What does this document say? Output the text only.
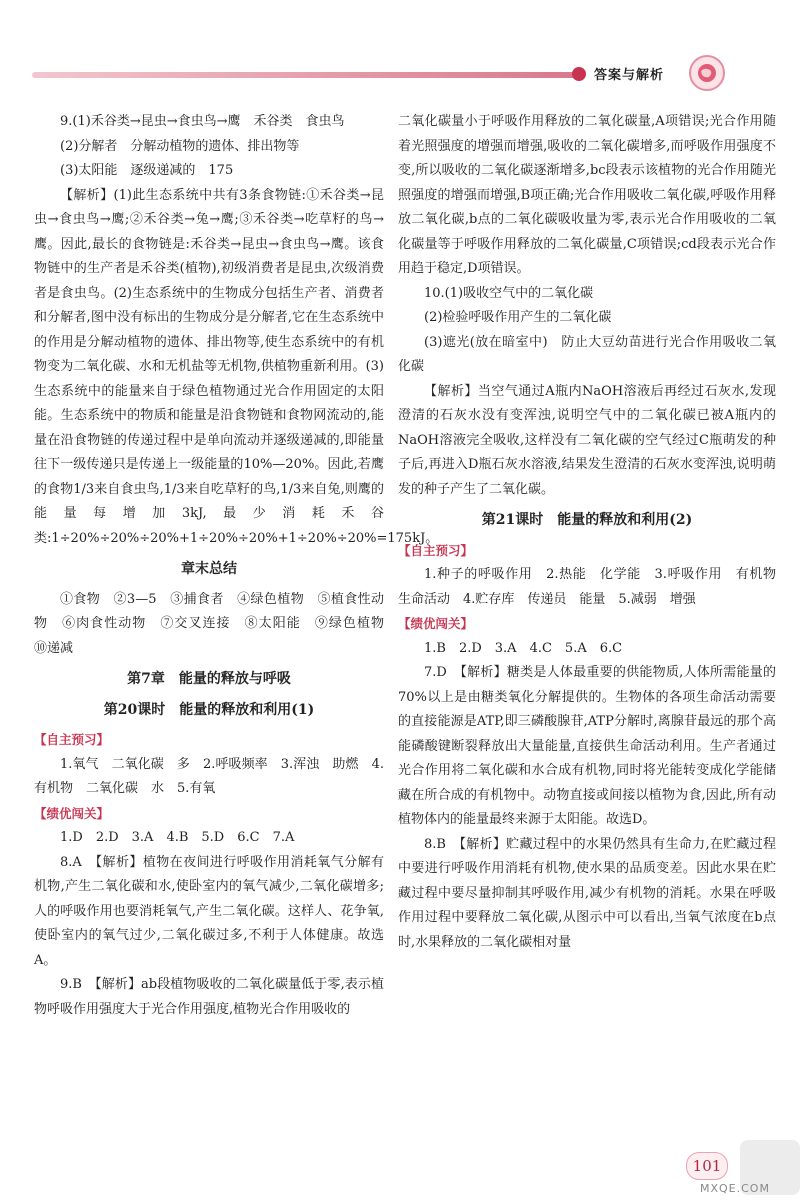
答案与解析

9.(1)禾谷类→昆虫→食虫鸟→鹰　禾谷类　食虫鸟

(2)分解者　分解动植物的遗体、排出物等

(3)太阳能　逐级递减的　175

【解析】(1)此生态系统中共有3条食物链:①禾谷类→昆虫→食虫鸟→鹰;②禾谷类→兔→鹰;③禾谷类→吃草籽的鸟→鹰。因此,最长的食物链是:禾谷类→昆虫→食虫鸟→鹰。该食物链中的生产者是禾谷类(植物),初级消费者是昆虫,次级消费者是食虫鸟。(2)生态系统中的生物成分包括生产者、消费者和分解者,图中没有标出的生物成分是分解者,它在生态系统中的作用是分解动植物的遗体、排出物等,使生态系统中的有机物变为二氧化碳、水和无机盐等无机物,供植物重新利用。(3)生态系统中的能量来自于绿色植物通过光合作用固定的太阳能。生态系统中的物质和能量是沿食物链和食物网流动的,能量在沿食物链的传递过程中是单向流动并逐级递减的,即能量往下一级传递只是传递上一级能量的10%—20%。因此,若鹰的食物1/3来自食虫鸟,1/3来自吃草籽的鸟,1/3来自兔,则鹰的能量每增加3kJ,最少消耗禾谷类:1÷20%÷20%÷20%+1÷20%÷20%+1÷20%÷20%=175kJ。

章末总结

①食物　②3—5　③捕食者　④绿色植物　⑤植食性动物　⑥肉食性动物　⑦交叉连接　⑧太阳能　⑨绿色植物　⑩递减

第7章　能量的释放与呼吸

第20课时　能量的释放和利用(1)

【自主预习】

1.氧气　二氧化碳　多　2.呼吸频率　3.浑浊　助燃　4.有机物　二氧化碳　水　5.有氧

【绩优闯关】

1.D　2.D　3.A　4.B　5.D　6.C　7.A

8.A　【解析】植物在夜间进行呼吸作用消耗氧气分解有机物,产生二氧化碳和水,使卧室内的氧气减少,二氧化碳增多;人的呼吸作用也要消耗氧气,产生二氧化碳。这样人、花争氧,使卧室内的氧气过少,二氧化碳过多,不利于人体健康。故选A。

9.B　【解析】ab段植物吸收的二氧化碳量低于零,表示植物呼吸作用强度大于光合作用强度,植物光合作用吸收的

二氧化碳量小于呼吸作用释放的二氧化碳量,A项错误;光合作用随着光照强度的增强而增强,吸收的二氧化碳增多,而呼吸作用强度不变,所以吸收的二氧化碳逐渐增多,bc段表示该植物的光合作用随光照强度的增强而增强,B项正确;光合作用吸收二氧化碳,呼吸作用释放二氧化碳,b点的二氧化碳吸收量为零,表示光合作用吸收的二氧化碳量等于呼吸作用释放的二氧化碳量,C项错误;cd段表示光合作用趋于稳定,D项错误。

10.(1)吸收空气中的二氧化碳

(2)检验呼吸作用产生的二氧化碳

(3)遮光(放在暗室中)　防止大豆幼苗进行光合作用吸收二氧化碳

【解析】当空气通过A瓶内NaOH溶液后再经过石灰水,发现澄清的石灰水没有变浑浊,说明空气中的二氧化碳已被A瓶内的NaOH溶液完全吸收,这样没有二氧化碳的空气经过C瓶萌发的种子后,再进入D瓶石灰水溶液,结果发生澄清的石灰水变浑浊,说明萌发的种子产生了二氧化碳。

第21课时　能量的释放和利用(2)

【自主预习】

1.种子的呼吸作用　2.热能　化学能　3.呼吸作用　有机物　生命活动　4.贮存库　传递员　能量　5.减弱　增强

【绩优闯关】

1.B　2.D　3.A　4.C　5.A　6.C

7.D　【解析】糖类是人体最重要的供能物质,人体所需能量的70%以上是由糖类氧化分解提供的。生物体的各项生命活动需要的直接能源是ATP,即三磷酸腺苷,ATP分解时,离腺苷最远的那个高能磷酸键断裂释放出大量能量,直接供生命活动利用。生产者通过光合作用将二氧化碳和水合成有机物,同时将光能转变成化学能储藏在所合成的有机物中。动物直接或间接以植物为食,因此,所有动植物体内的能量最终来源于太阳能。故选D。

8.B　【解析】贮藏过程中的水果仍然具有生命力,在贮藏过程中要进行呼吸作用消耗有机物,使水果的品质变差。因此水果在贮藏过程中要尽量抑制其呼吸作用,减少有机物的消耗。水果在呼吸作用过程中要释放二氧化碳,从图示中可以看出,当氧气浓度在b点时,水果释放的二氧化碳相对量

101
MXQE.COM
